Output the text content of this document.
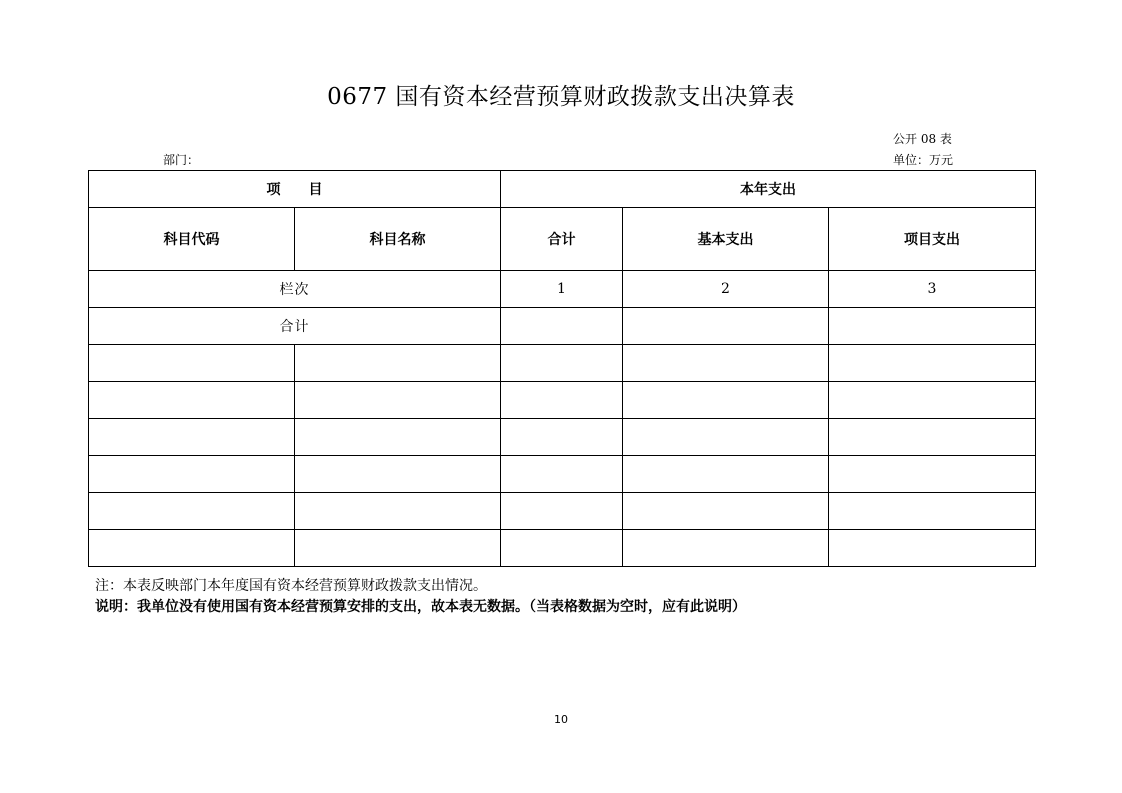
0677 国有资本经营预算财政拨款支出决算表
公开 08 表
部门：	单位：万元
项　　目		本年支出		
科目代码	科目名称	合计	基本支出	项目支出
栏次		1	2	3
合计				

注：本表反映部门本年度国有资本经营预算财政拨款支出情况。
说明：我单位没有使用国有资本经营预算安排的支出，故本表无数据。（当表格数据为空时，应有此说明）
10
